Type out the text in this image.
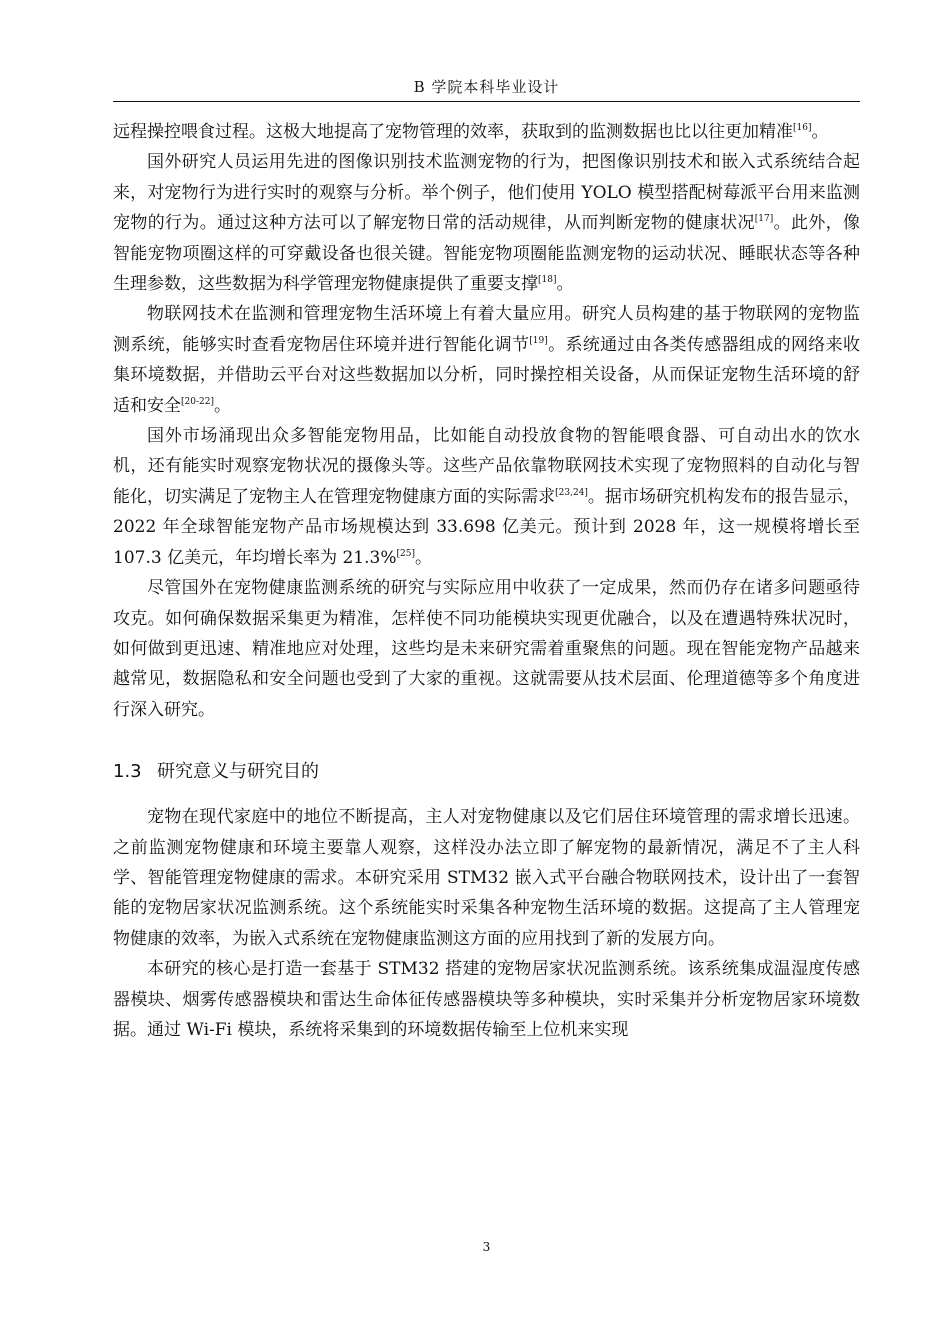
B 学院本科毕业设计

远程操控喂食过程。这极大地提高了宠物管理的效率，获取到的监测数据也比以往更加精准[16]。

国外研究人员运用先进的图像识别技术监测宠物的行为，把图像识别技术和嵌入式系统结合起来，对宠物行为进行实时的观察与分析。举个例子，他们使用 YOLO 模型搭配树莓派平台用来监测宠物的行为。通过这种方法可以了解宠物日常的活动规律，从而判断宠物的健康状况[17]。此外，像智能宠物项圈这样的可穿戴设备也很关键。智能宠物项圈能监测宠物的运动状况、睡眠状态等各种生理参数，这些数据为科学管理宠物健康提供了重要支撑[18]。

物联网技术在监测和管理宠物生活环境上有着大量应用。研究人员构建的基于物联网的宠物监测系统，能够实时查看宠物居住环境并进行智能化调节[19]。系统通过由各类传感器组成的网络来收集环境数据，并借助云平台对这些数据加以分析，同时操控相关设备，从而保证宠物生活环境的舒适和安全[20-22]。

国外市场涌现出众多智能宠物用品，比如能自动投放食物的智能喂食器、可自动出水的饮水机，还有能实时观察宠物状况的摄像头等。这些产品依靠物联网技术实现了宠物照料的自动化与智能化，切实满足了宠物主人在管理宠物健康方面的实际需求[23,24]。据市场研究机构发布的报告显示，2022 年全球智能宠物产品市场规模达到 33.698 亿美元。预计到 2028 年，这一规模将增长至 107.3 亿美元，年均增长率为 21.3%[25]。

尽管国外在宠物健康监测系统的研究与实际应用中收获了一定成果，然而仍存在诸多问题亟待攻克。如何确保数据采集更为精准，怎样使不同功能模块实现更优融合，以及在遭遇特殊状况时，如何做到更迅速、精准地应对处理，这些均是未来研究需着重聚焦的问题。现在智能宠物产品越来越常见，数据隐私和安全问题也受到了大家的重视。这就需要从技术层面、伦理道德等多个角度进行深入研究。

1.3 研究意义与研究目的

宠物在现代家庭中的地位不断提高，主人对宠物健康以及它们居住环境管理的需求增长迅速。之前监测宠物健康和环境主要靠人观察，这样没办法立即了解宠物的最新情况，满足不了主人科学、智能管理宠物健康的需求。本研究采用 STM32 嵌入式平台融合物联网技术，设计出了一套智能的宠物居家状况监测系统。这个系统能实时采集各种宠物生活环境的数据。这提高了主人管理宠物健康的效率，为嵌入式系统在宠物健康监测这方面的应用找到了新的发展方向。

本研究的核心是打造一套基于 STM32 搭建的宠物居家状况监测系统。该系统集成温湿度传感器模块、烟雾传感器模块和雷达生命体征传感器模块等多种模块，实时采集并分析宠物居家环境数据。通过 Wi-Fi 模块，系统将采集到的环境数据传输至上位机来实现

3
